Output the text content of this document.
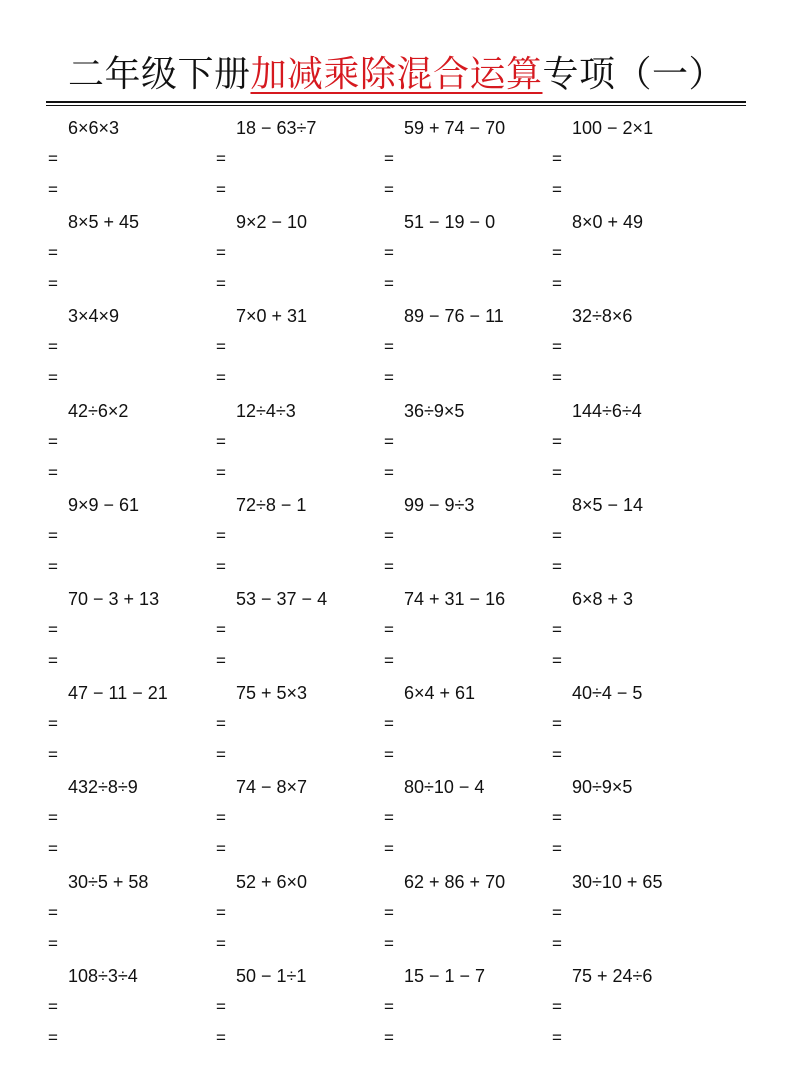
二年级下册加减乘除混合运算专项（一）
6×6×3
=
=
18 − 63÷7
=
=
59 + 74 − 70
=
=
100 − 2×1
=
=
8×5 + 45
=
=
9×2 − 10
=
=
51 − 19 − 0
=
=
8×0 + 49
=
=
3×4×9
=
=
7×0 + 31
=
=
89 − 76 − 11
=
=
32÷8×6
=
=
42÷6×2
=
=
12÷4÷3
=
=
36÷9×5
=
=
144÷6÷4
=
=
9×9 − 61
=
=
72÷8 − 1
=
=
99 − 9÷3
=
=
8×5 − 14
=
=
70 − 3 + 13
=
=
53 − 37 − 4
=
=
74 + 31 − 16
=
=
6×8 + 3
=
=
47 − 11 − 21
=
=
75 + 5×3
=
=
6×4 + 61
=
=
40÷4 − 5
=
=
432÷8÷9
=
=
74 − 8×7
=
=
80÷10 − 4
=
=
90÷9×5
=
=
30÷5 + 58
=
=
52 + 6×0
=
=
62 + 86 + 70
=
=
30÷10 + 65
=
=
108÷3÷4
=
=
50 − 1÷1
=
=
15 − 1 − 7
=
=
75 + 24÷6
=
=
